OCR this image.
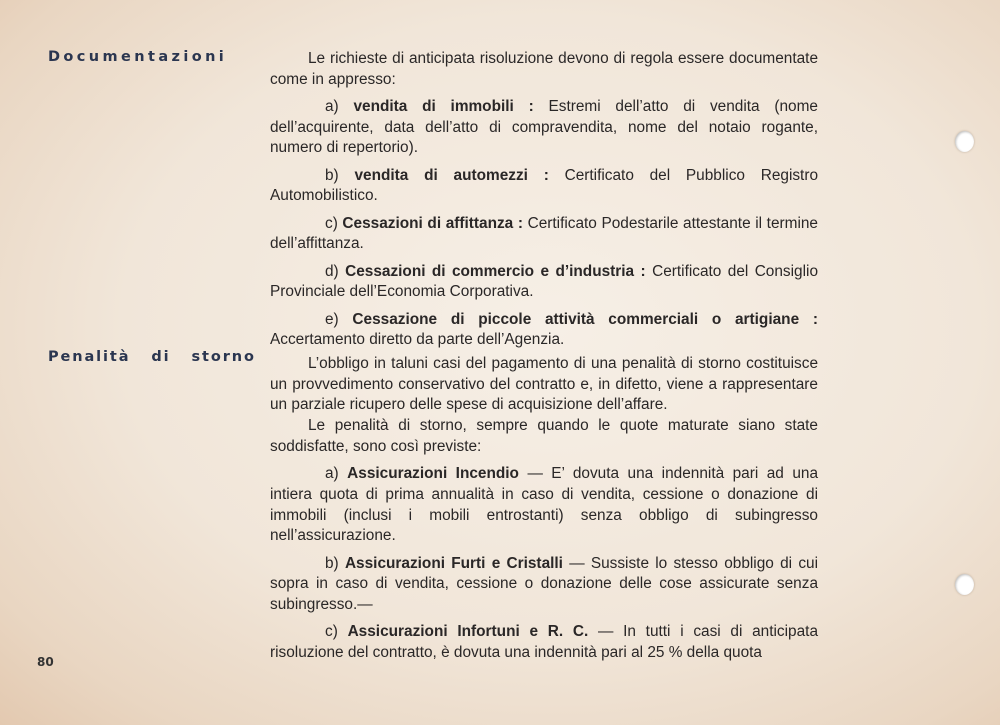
Documentazioni
Penalità di storno

Le richieste di anticipata risoluzione devono di regola essere documentate come in appresso:

a) vendita di immobili : Estremi dell’atto di vendita (nome dell’acquirente, data dell’atto di compravendita, nome del notaio rogante, numero di repertorio).

b) vendita di automezzi : Certificato del Pubblico Registro Automobilistico.

c) Cessazioni di affittanza : Certificato Podestarile attestante il termine dell’affittanza.

d) Cessazioni di commercio e d’industria : Certificato del Consiglio Provinciale dell’Economia Corporativa.

e) Cessazione di piccole attività commerciali o artigiane : Accertamento diretto da parte dell’Agenzia.

L’obbligo in taluni casi del pagamento di una penalità di storno costituisce un provvedimento conservativo del contratto e, in difetto, viene a rappresentare un parziale ricupero delle spese di acquisizione dell’affare.

Le penalità di storno, sempre quando le quote maturate siano state soddisfatte, sono così previste:

a) Assicurazioni Incendio — E’ dovuta una indennità pari ad una intiera quota di prima annualità in caso di vendita, cessione o donazione di immobili (inclusi i mobili entrostanti) senza obbligo di subingresso nell’assicurazione.

b) Assicurazioni Furti e Cristalli — Sussiste lo stesso obbligo di cui sopra in caso di vendita, cessione o donazione delle cose assicurate senza subingresso.—

c) Assicurazioni Infortuni e R. C. — In tutti i casi di anticipata risoluzione del contratto, è dovuta una indennità pari al 25 % della quota

80
